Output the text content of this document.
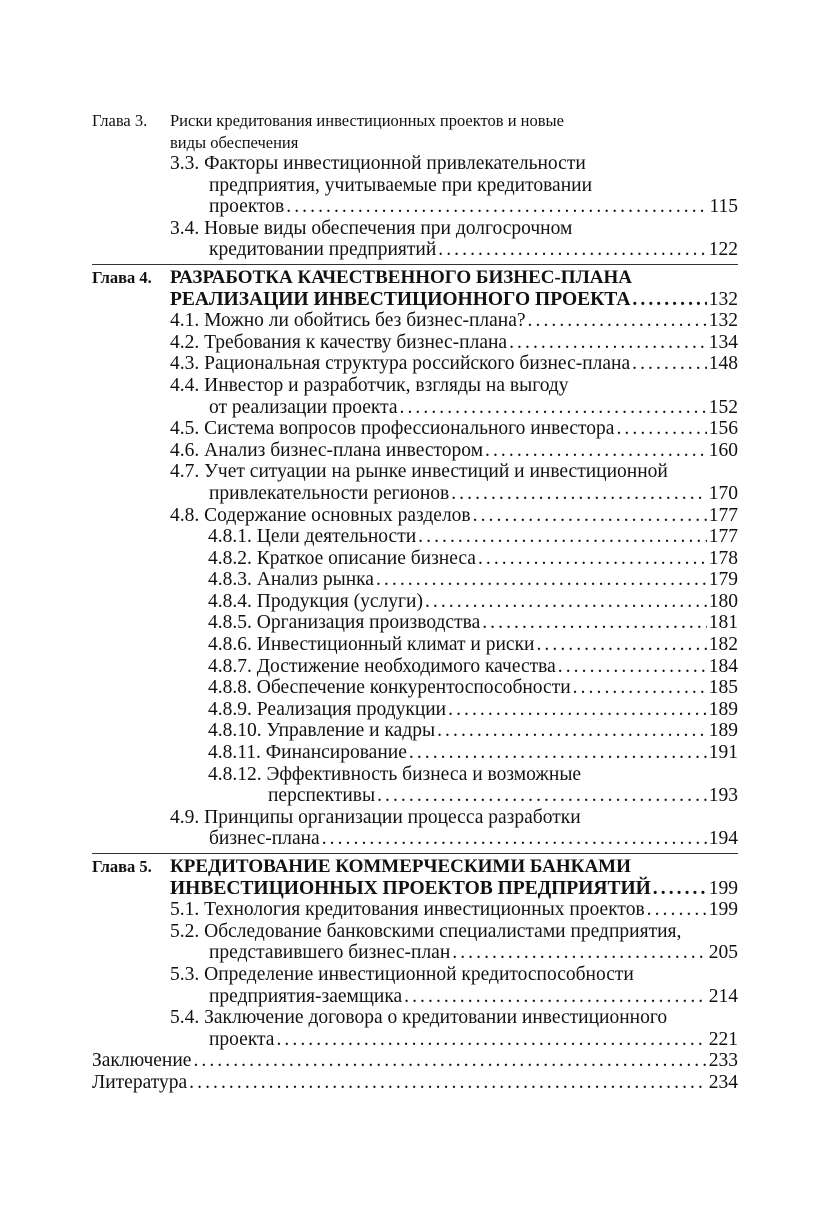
Глава 3. Риски кредитования инвестиционных проектов и новые
виды обеспечения
3.3. Факторы инвестиционной привлекательности
предприятия, учитываемые при кредитовании
проектов . . .	115
3.4. Новые виды обеспечения при долгосрочном
кредитовании предприятий . . .	122
Глава 4. РАЗРАБОТКА КАЧЕСТВЕННОГО БИЗНЕС-ПЛАНА
РЕАЛИЗАЦИИ ИНВЕСТИЦИОННОГО ПРОЕКТА . . .	132
4.1. Можно ли обойтись без бизнес-плана? . . .	132
4.2. Требования к качеству бизнес-плана . . .	134
4.3. Рациональная структура российского бизнес-плана . . .	148
4.4. Инвестор и разработчик, взгляды на выгоду
от реализации проекта . . .	152
4.5. Система вопросов профессионального инвестора . . .	156
4.6. Анализ бизнес-плана инвестором . . .	160
4.7. Учет ситуации на рынке инвестиций и инвестиционной
привлекательности регионов . . .	170
4.8. Содержание основных разделов . . .	177
4.8.1. Цели деятельности . . .	177
4.8.2. Краткое описание бизнеса . . .	178
4.8.3. Анализ рынка . . .	179
4.8.4. Продукция (услуги) . . .	180
4.8.5. Организация производства . . .	181
4.8.6. Инвестиционный климат и риски . . .	182
4.8.7. Достижение необходимого качества . . .	184
4.8.8. Обеспечение конкурентоспособности . . .	185
4.8.9. Реализация продукции . . .	189
4.8.10. Управление и кадры . . .	189
4.8.11. Финансирование . . .	191
4.8.12. Эффективность бизнеса и возможные
перспективы . . .	193
4.9. Принципы организации процесса разработки
бизнес-плана . . .	194
Глава 5. КРЕДИТОВАНИЕ КОММЕРЧЕСКИМИ БАНКАМИ
ИНВЕСТИЦИОННЫХ ПРОЕКТОВ ПРЕДПРИЯТИЙ . . .	199
5.1. Технология кредитования инвестиционных проектов . . .	199
5.2. Обследование банковскими специалистами предприятия,
представившего бизнес-план . . .	205
5.3. Определение инвестиционной кредитоспособности
предприятия-заемщика . . .	214
5.4. Заключение договора о кредитовании инвестиционного
проекта . . .	221
Заключение . . .	233
Литература . . .	234
